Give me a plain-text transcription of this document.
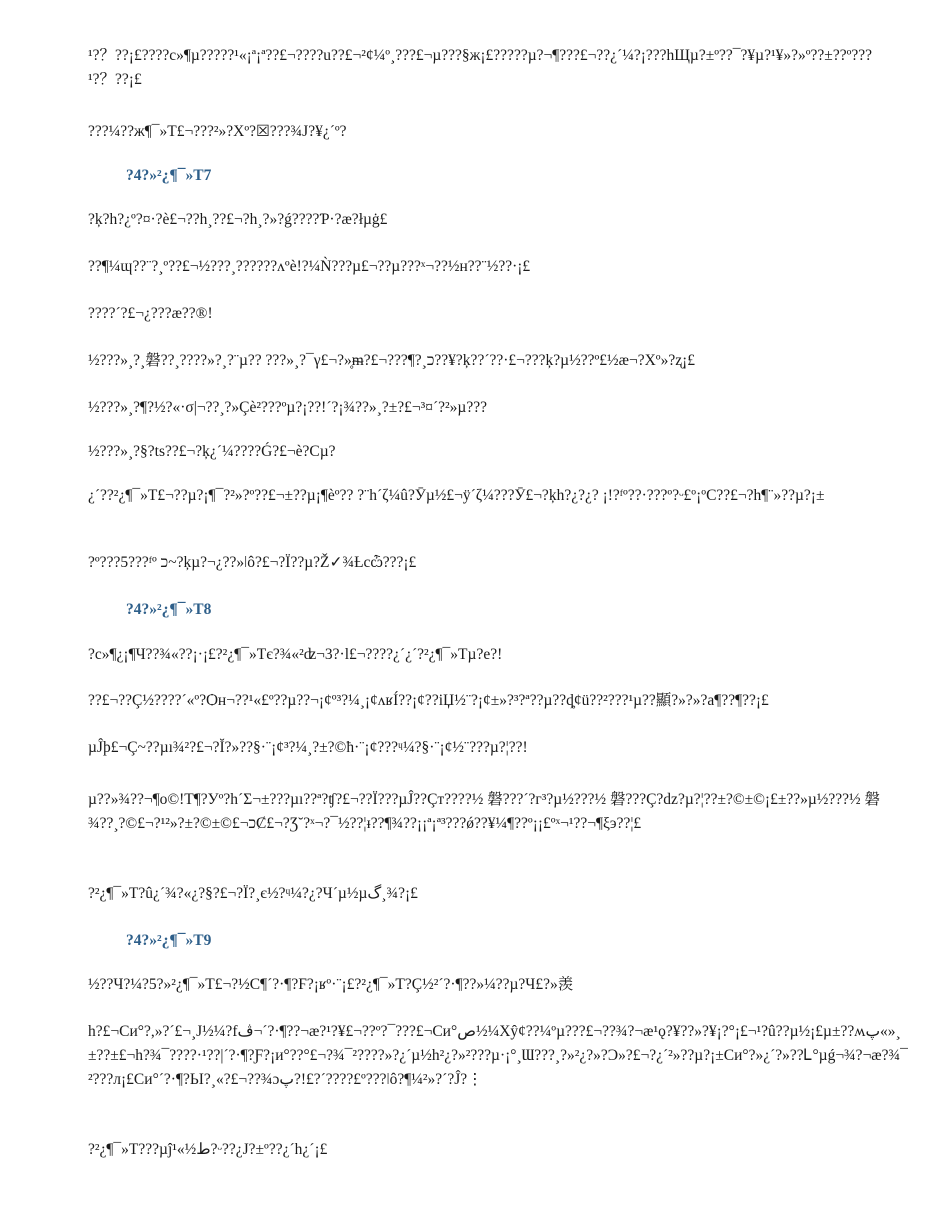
¹?？??¡£????c»¶µ?????¹«¡ª¡ª??£¬????u??£¬²¢¼º¸???£¬µ???§ж¡£?????µ?¬¶???£¬??¿´¼?¡???hЩµ?±º??¯?¥µ?¹¥»?»º??±??º???¹?？??¡£

???¼??ж¶¯»T£¬???²»?Xº?☒???¾J?¥¿´º?

?4?»²¿¶¯»T7

?ķ?h?¿º?¤·?è£¬??h¸??£¬?h¸?»?ǵ????Ƥ·?æ?łµġ£

??¶¼ɰ??¨?¸º??£¬½???¸??????ʌºè!?¼Ǹ???µ£¬??µ???ˣ¬??½н??¨½??·¡£

????´?£¬¿???æ??®!

½???»¸?¸磐??¸????»?¸?¨µ?? ???»¸?¯γ£¬?»̥ᵯ?£¬???¶?¸כ??¥?ķ??´??·£¬???ķ?µ½??º£½æ¬?Xº»?ʐ¡£

½???»¸?¶?½?«·σ|¬??¸?»Çè²???ºµ?¡??!´?¡¾??»¸?±?£¬³¤´?²»µ???

½???»¸?§?ts??£¬?ķ¿´¼????Ǵ?£¬è?Cµ?

¿´??²¿¶¯»T£¬??µ?¡¶¯?²»?º??£¬±??µ¡¶èº?? ?¨h´ζ¼û?Ӯµ½£¬ӱ´ζ¼???Ӯ£¬?ķh?¿?¿? ¡!?ᶠº??·???º?ᵕ£º¡ºC??£¬?h¶¨»??µ?¡±

?º???5???ᶠº כ~?ķµ?¬¿??»ǀô?£¬?Ï??µ?Ž✓¾Ƚcѽ???¡£

?4?»²¿¶¯»T8

?c»¶¿¡¶Ч??¾«??¡·¡£?²¿¶¯»Tє?¾«²ʣ¬3?·l£¬????¿´¿´?²¿¶¯»Tµ?e?!

??£¬??Ç½????´«º?Ѻн¬??¹«£º??µ??¬¡¢º³?¼¸¡¢ʌʁÍ??¡¢??iЏ½¨?¡¢±»?³?ª??µ??ȡ¢ü??²???¹µ??顯?»?»?a¶??¶??¡£

µĴþ£¬Ç~??µı¾²?£¬?Ĭ?»??§·¨¡¢³?¼¸?±?©ħ·¨¡¢???ᶣ¼?§·¨¡¢½¨???µ?¦??!

µ??»¾??¬¶o©!T¶?Уº?h´Σ¬±???µı??ª?ʧ?£¬??Ï???µĴ??Çт????½ 磐???´?г³?µ½???½ 磐???Ç?dz?µ?¦??±?©±©¡£±??»µ½???½ 磐 ¾??¸?©£¬?¹²»?±?©±©£¬כȻ£¬?Ʒ˘?ˣ¬?¯½??¦ᵻ??¶¾??¡¡ª¡ª³???ǿ??¥¼¶??º¡¡£ºˣ¬¹??¬¶ξэ??¦£

?²¿¶¯»T?û¿´¾?«¿?§?£¬?Ï?¸є½?ᶣ¼?¿?Ч´µ½µگ¸¾?¡£

?4?»²¿¶¯»T9

½??Ч?¼?5?»²¿¶¯»T£¬?½C¶´?·¶?Ϝ?¡ʁº·¨¡£?²¿¶¯»T?Ç½²´?·¶??»¼??µ?Ч£?»羡

h?£¬Cи°?,»?´£¬¸J½¼?fڤ¬´?·¶??¬æ?¹?¥£¬??º?¯???£¬Cи°ص½¼Xŷ¢??¼ºµ???£¬??¾?¬æ¹ǫ?¥??»?¥¡?°¡£¬¹?û??µ½¡£µ±??ʍپ«»¸±??±£¬h?¾¯????·¹??|´?·¶?Ƒ?¡и°??°£¬?¾¯²????»?¿´µ½h²¿?»²???µ·¡°¸Ɯ???¸?»²¿?»?Ɔ»?£¬?¿´²»??µ?¡±Cи°?»¿´?»??Ꮮ°µǵ¬¾?¬æ?¾¯²???л¡£Cи°´?·¶?ЬΙ?¸«?£¬??¾ɔپ?!£?´????£º???ǀô?¶¼²»?´?Ĵ?⋮

?²¿¶¯»T???µĵ¹«½ط?ᵕ??¿J?±º??¿´h¿´¡£
